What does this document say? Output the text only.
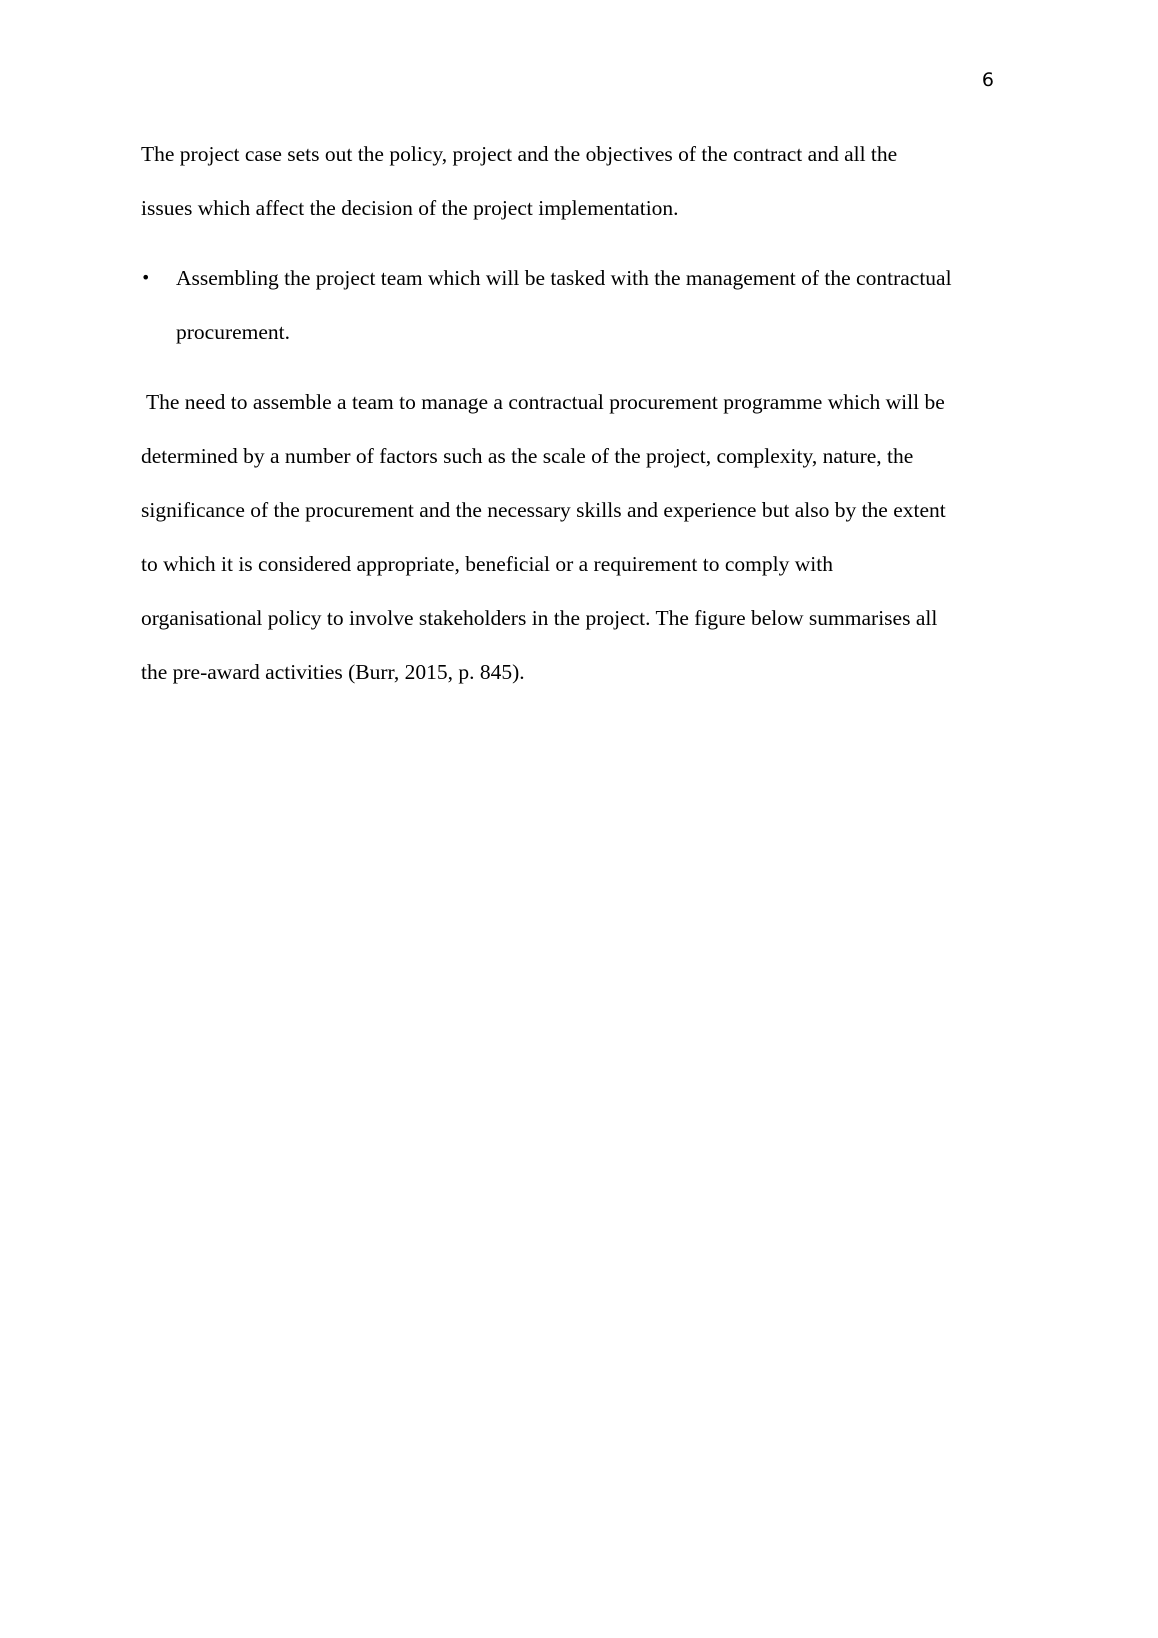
6
The project case sets out the policy, project and the objectives of the contract and all the
issues which affect the decision of the project implementation.
• Assembling the project team which will be tasked with the management of the contractual
procurement.
The need to assemble a team to manage a contractual procurement programme which will be
determined by a number of factors such as the scale of the project, complexity, nature, the
significance of the procurement and the necessary skills and experience but also by the extent
to which it is considered appropriate, beneficial or a requirement to comply with
organisational policy to involve stakeholders in the project. The figure below summarises all
the pre-award activities (Burr, 2015, p. 845).
